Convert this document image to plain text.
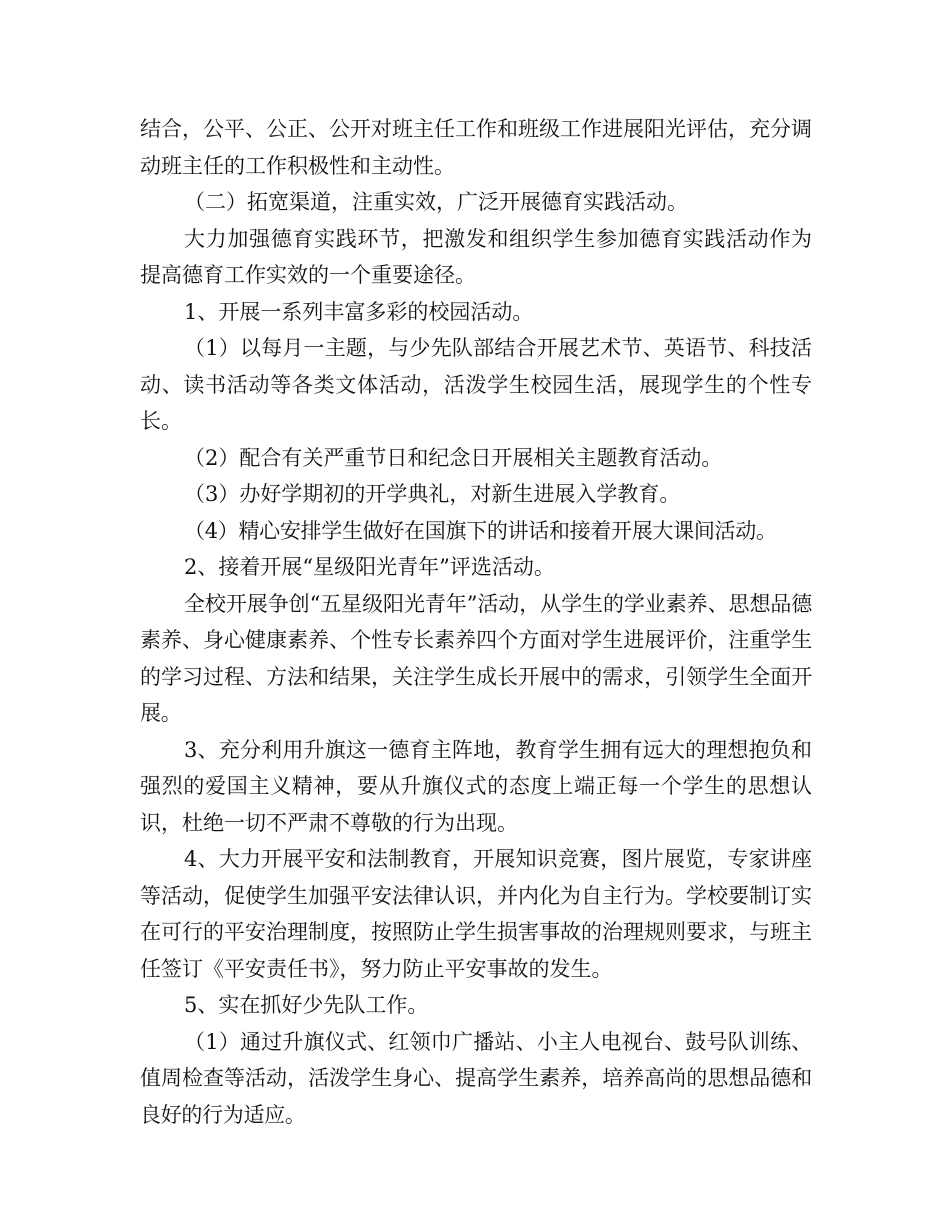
结合，公平、公正、公开对班主任工作和班级工作进展阳光评估，充分调动班主任的工作积极性和主动性。

（二）拓宽渠道，注重实效，广泛开展德育实践活动。

大力加强德育实践环节，把激发和组织学生参加德育实践活动作为提高德育工作实效的一个重要途径。

1、开展一系列丰富多彩的校园活动。

（1）以每月一主题，与少先队部结合开展艺术节、英语节、科技活动、读书活动等各类文体活动，活泼学生校园生活，展现学生的个性专长。

（2）配合有关严重节日和纪念日开展相关主题教育活动。

（3）办好学期初的开学典礼，对新生进展入学教育。

（4）精心安排学生做好在国旗下的讲话和接着开展大课间活动。

2、接着开展“星级阳光青年”评选活动。

全校开展争创“五星级阳光青年”活动，从学生的学业素养、思想品德素养、身心健康素养、个性专长素养四个方面对学生进展评价，注重学生的学习过程、方法和结果，关注学生成长开展中的需求，引领学生全面开展。

3、充分利用升旗这一德育主阵地，教育学生拥有远大的理想抱负和强烈的爱国主义精神，要从升旗仪式的态度上端正每一个学生的思想认识，杜绝一切不严肃不尊敬的行为出现。

4、大力开展平安和法制教育，开展知识竞赛，图片展览，专家讲座等活动，促使学生加强平安法律认识，并内化为自主行为。学校要制订实在可行的平安治理制度，按照防止学生损害事故的治理规则要求，与班主任签订《平安责任书》，努力防止平安事故的发生。

5、实在抓好少先队工作。

（1）通过升旗仪式、红领巾广播站、小主人电视台、鼓号队训练、值周检查等活动，活泼学生身心、提高学生素养，培养高尚的思想品德和良好的行为适应。
